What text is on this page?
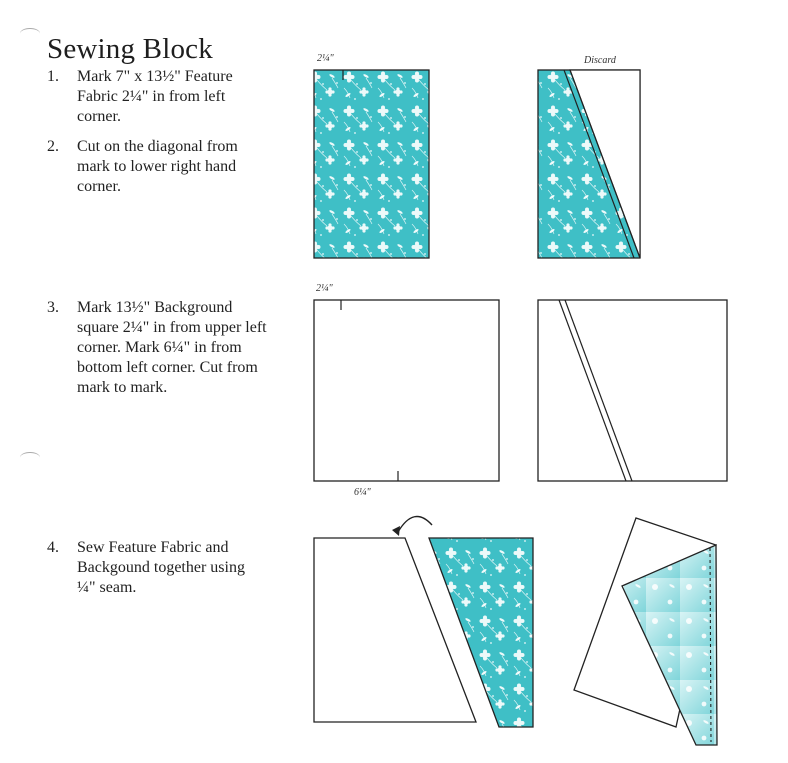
Sewing Block
1.	Mark 7" x 13½" Feature Fabric 2¼" in from left corner.
2.	Cut on the diagonal from mark to lower right hand corner.
3.	Mark 13½" Background square 2¼" in from upper left corner. Mark 6¼" in from bottom left corner. Cut from mark to mark.
4.	Sew Feature Fabric and Backgound together using ¼" seam.
2¼"	Discard
2¼"
6¼"
